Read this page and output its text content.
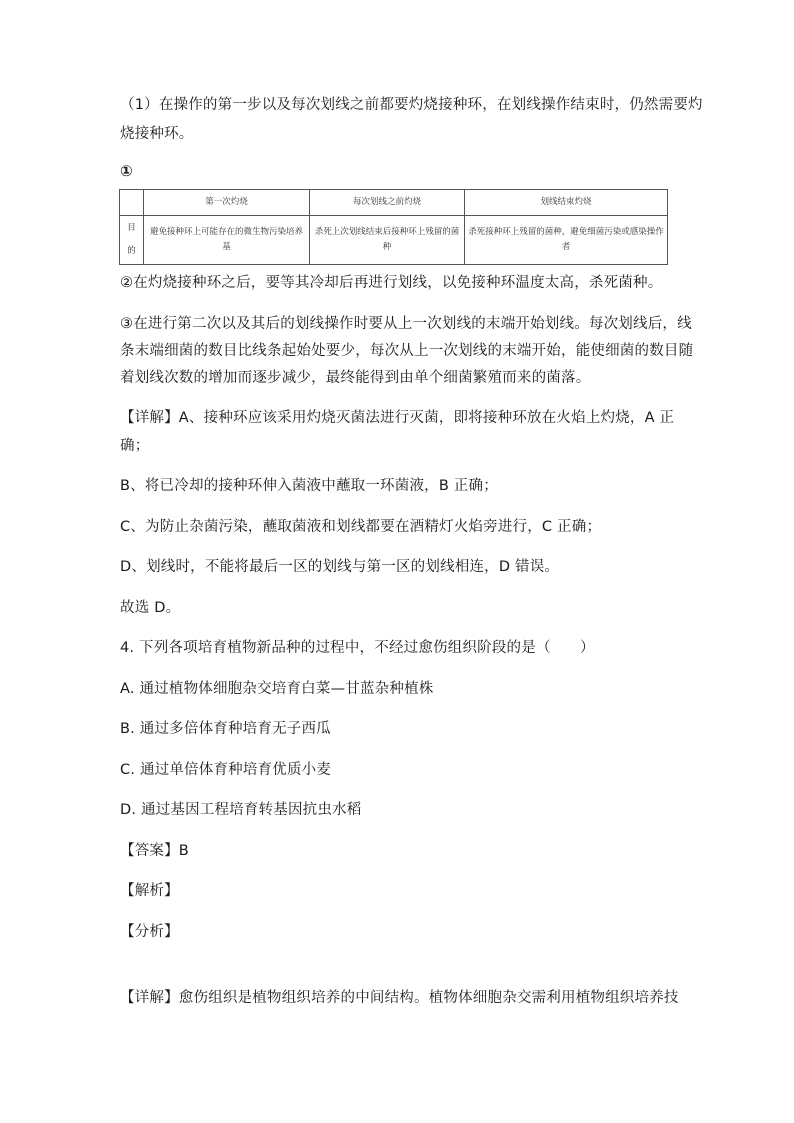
（1）在操作的第一步以及每次划线之前都要灼烧接种环，在划线操作结束时，仍然需要灼
烧接种环。
①
	第一次灼烧	每次划线之前灼烧	划线结束灼烧

目
的	避免接种环上可能存在的微生物污染培养基	杀死上次划线结束后接种环上残留的菌种	杀死接种环上残留的菌种，避免细菌污染或感染操作者
②在灼烧接种环之后，要等其冷却后再进行划线，以免接种环温度太高，杀死菌种。
③在进行第二次以及其后的划线操作时要从上一次划线的末端开始划线。每次划线后，线
条末端细菌的数目比线条起始处要少，每次从上一次划线的末端开始，能使细菌的数目随
着划线次数的增加而逐步减少，最终能得到由单个细菌繁殖而来的菌落。
【详解】A、接种环应该采用灼烧灭菌法进行灭菌，即将接种环放在火焰上灼烧，A 正
确；
B、将已冷却的接种环伸入菌液中蘸取一环菌液，B 正确；
C、为防止杂菌污染，蘸取菌液和划线都要在酒精灯火焰旁进行，C 正确；
D、划线时，不能将最后一区的划线与第一区的划线相连，D 错误。
故选 D。
4. 下列各项培育植物新品种的过程中，不经过愈伤组织阶段的是（　　）
A. 通过植物体细胞杂交培育白菜—甘蓝杂种植株
B. 通过多倍体育种培育无子西瓜
C. 通过单倍体育种培育优质小麦
D. 通过基因工程培育转基因抗虫水稻
【答案】B
【解析】
【分析】
【详解】愈伤组织是植物组织培养的中间结构。植物体细胞杂交需利用植物组织培养技
